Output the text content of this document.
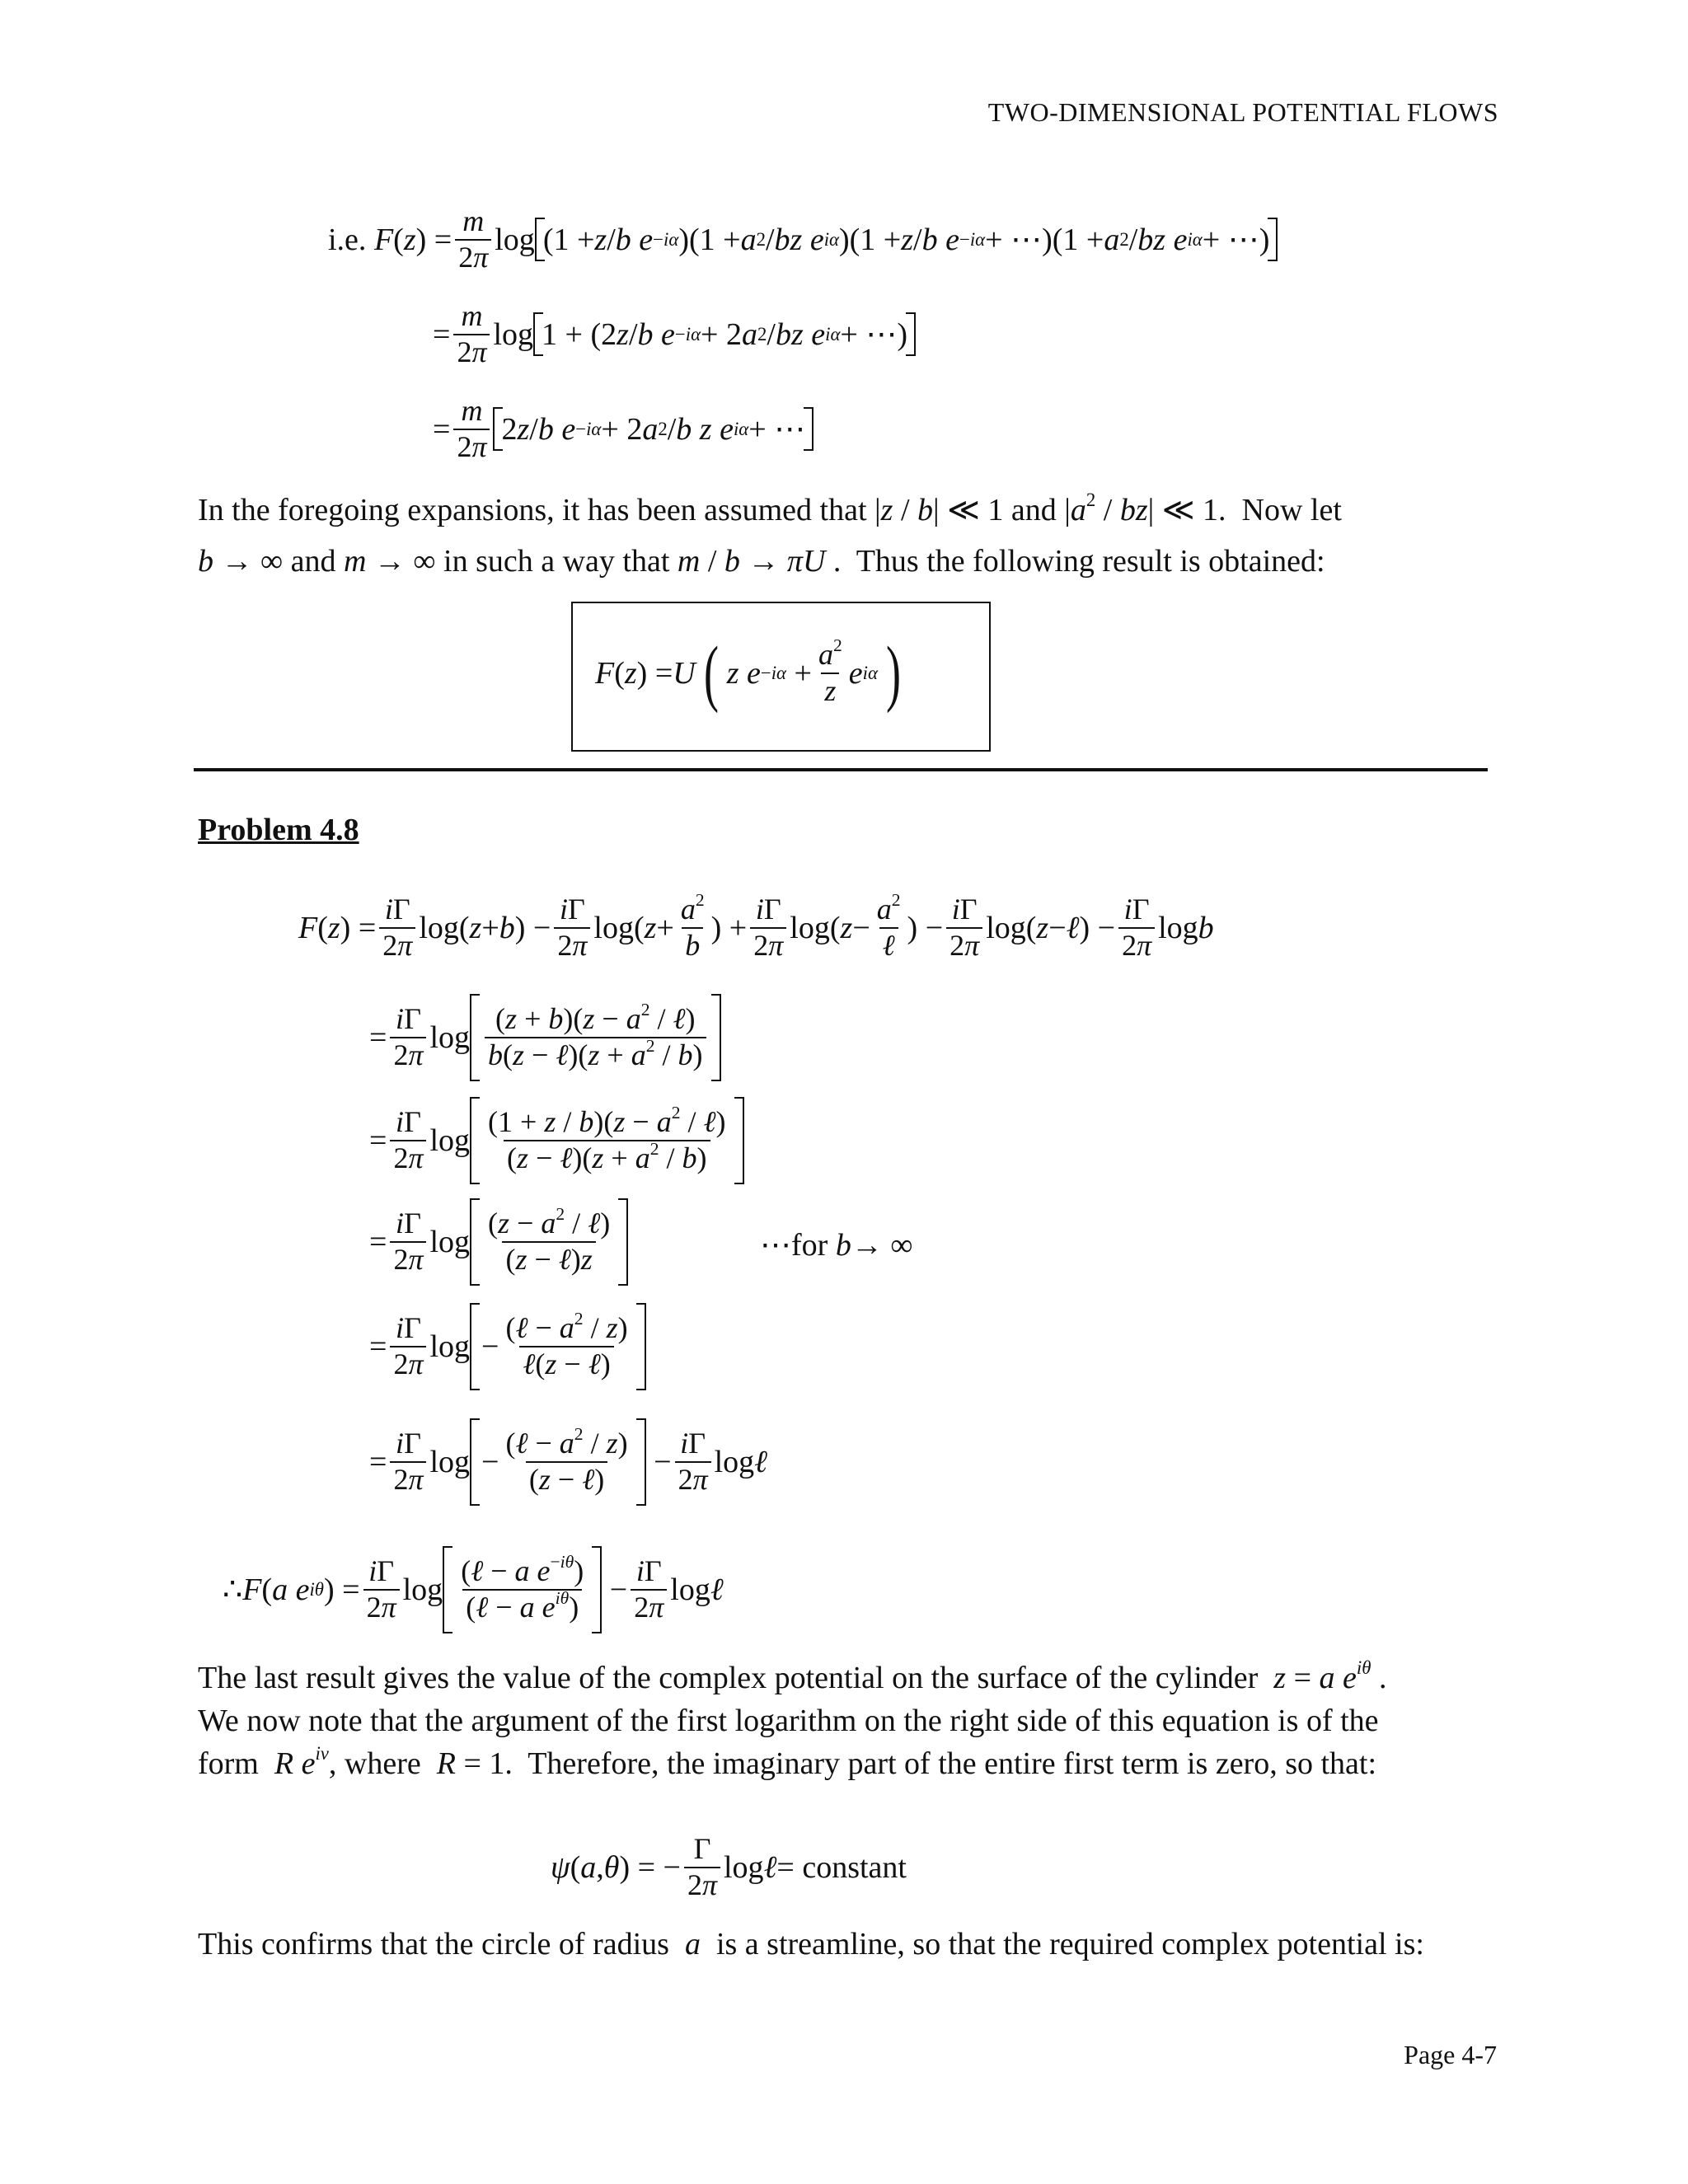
TWO-DIMENSIONAL POTENTIAL FLOWS
i.e.
F ( z ) = $\frac{m}{2\pi}$ log (1 + z / b e −iα )(1 + a 2 / bz e iα )(1 + z / b e −iα + ⋯)(1 + a 2 / bz e iα + ⋯)
= $\frac{m}{2\pi}$ log 1 + (2 z / b e −iα + 2 a 2 / bz e iα + ⋯)
= $\frac{m}{2\pi} 2$ z / b e −iα + 2 a 2 / b z e iα + ⋯
In the foregoing expansions, it has been assumed that |z / b| ≪ 1 and $|a^2 / bz|$ ≪ 1.  Now let
b → ∞ and m → ∞ in such a way that m / b → πU .  Thus the following result is obtained:
F ( z ) = U ( z $e -i\alpha + \frac{a^2}{z}$ e iα )
Problem 4.8
F ( z ) = $\frac{i\Gamma}{2\pi} \log$( z + b ) − $\frac{i\Gamma}{2\pi} \log$( $z + \frac{a^2}{b}$ ) + $\frac{i\Gamma}{2\pi} \log$( $z - \frac{a^2}{\text{ℓ}}$ ) − $\frac{i\Gamma}{2\pi} \log$( z − ℓ ) − $\frac{i\Gamma}{2\pi}$ log b
= $\frac{i\Gamma}{2\pi}$ $\log \frac{(z + b)(z - a^2 / \ell)}{b(z - \ell)(z + a^2 / b)}$
= $\frac{i\Gamma}{2\pi}$ $\log \frac{(1 + z / b)(z - a^2 / \ell)}{(z - \ell)(z + a^2 / b)}$
= $\frac{i\Gamma}{2\pi}$ $\log \frac{(z - a^2 / \ell)}{\text{(z − ℓ)z}}$	⋯for b → ∞
= $\frac{i\Gamma}{2\pi}$ $\log - \frac{(\ell - a^2 / z)}{\text{ℓ(z − ℓ)}}$
= $\frac{i\Gamma}{2\pi}$ $\log - \frac{(\ell - a^2 / z)}{\text{(z − ℓ)}} - \frac{i\Gamma}{2\pi}$ log ℓ
∴ F ( a e iθ ) = $\frac{i\Gamma}{2\pi}$ $\log \frac{(\ell - a e^{-i\theta})}{(\ell - a e^{i\theta})} - \frac{i\Gamma}{2\pi}$ log ℓ
The last result gives the value of the complex potential on the surface of the cylinder  z = a $e^{i\theta}$ .
We now note that the argument of the first logarithm on the right side of this equation is of the
form  R $e^{i\nu}$, where  R = 1.  Therefore, the imaginary part of the entire first term is zero, so that:
ψ ( a , θ ) = − $\frac{\Gamma}{2\pi}$ log ℓ = constant
This confirms that the circle of radius  a  is a streamline, so that the required complex potential is:
Page 4-7
